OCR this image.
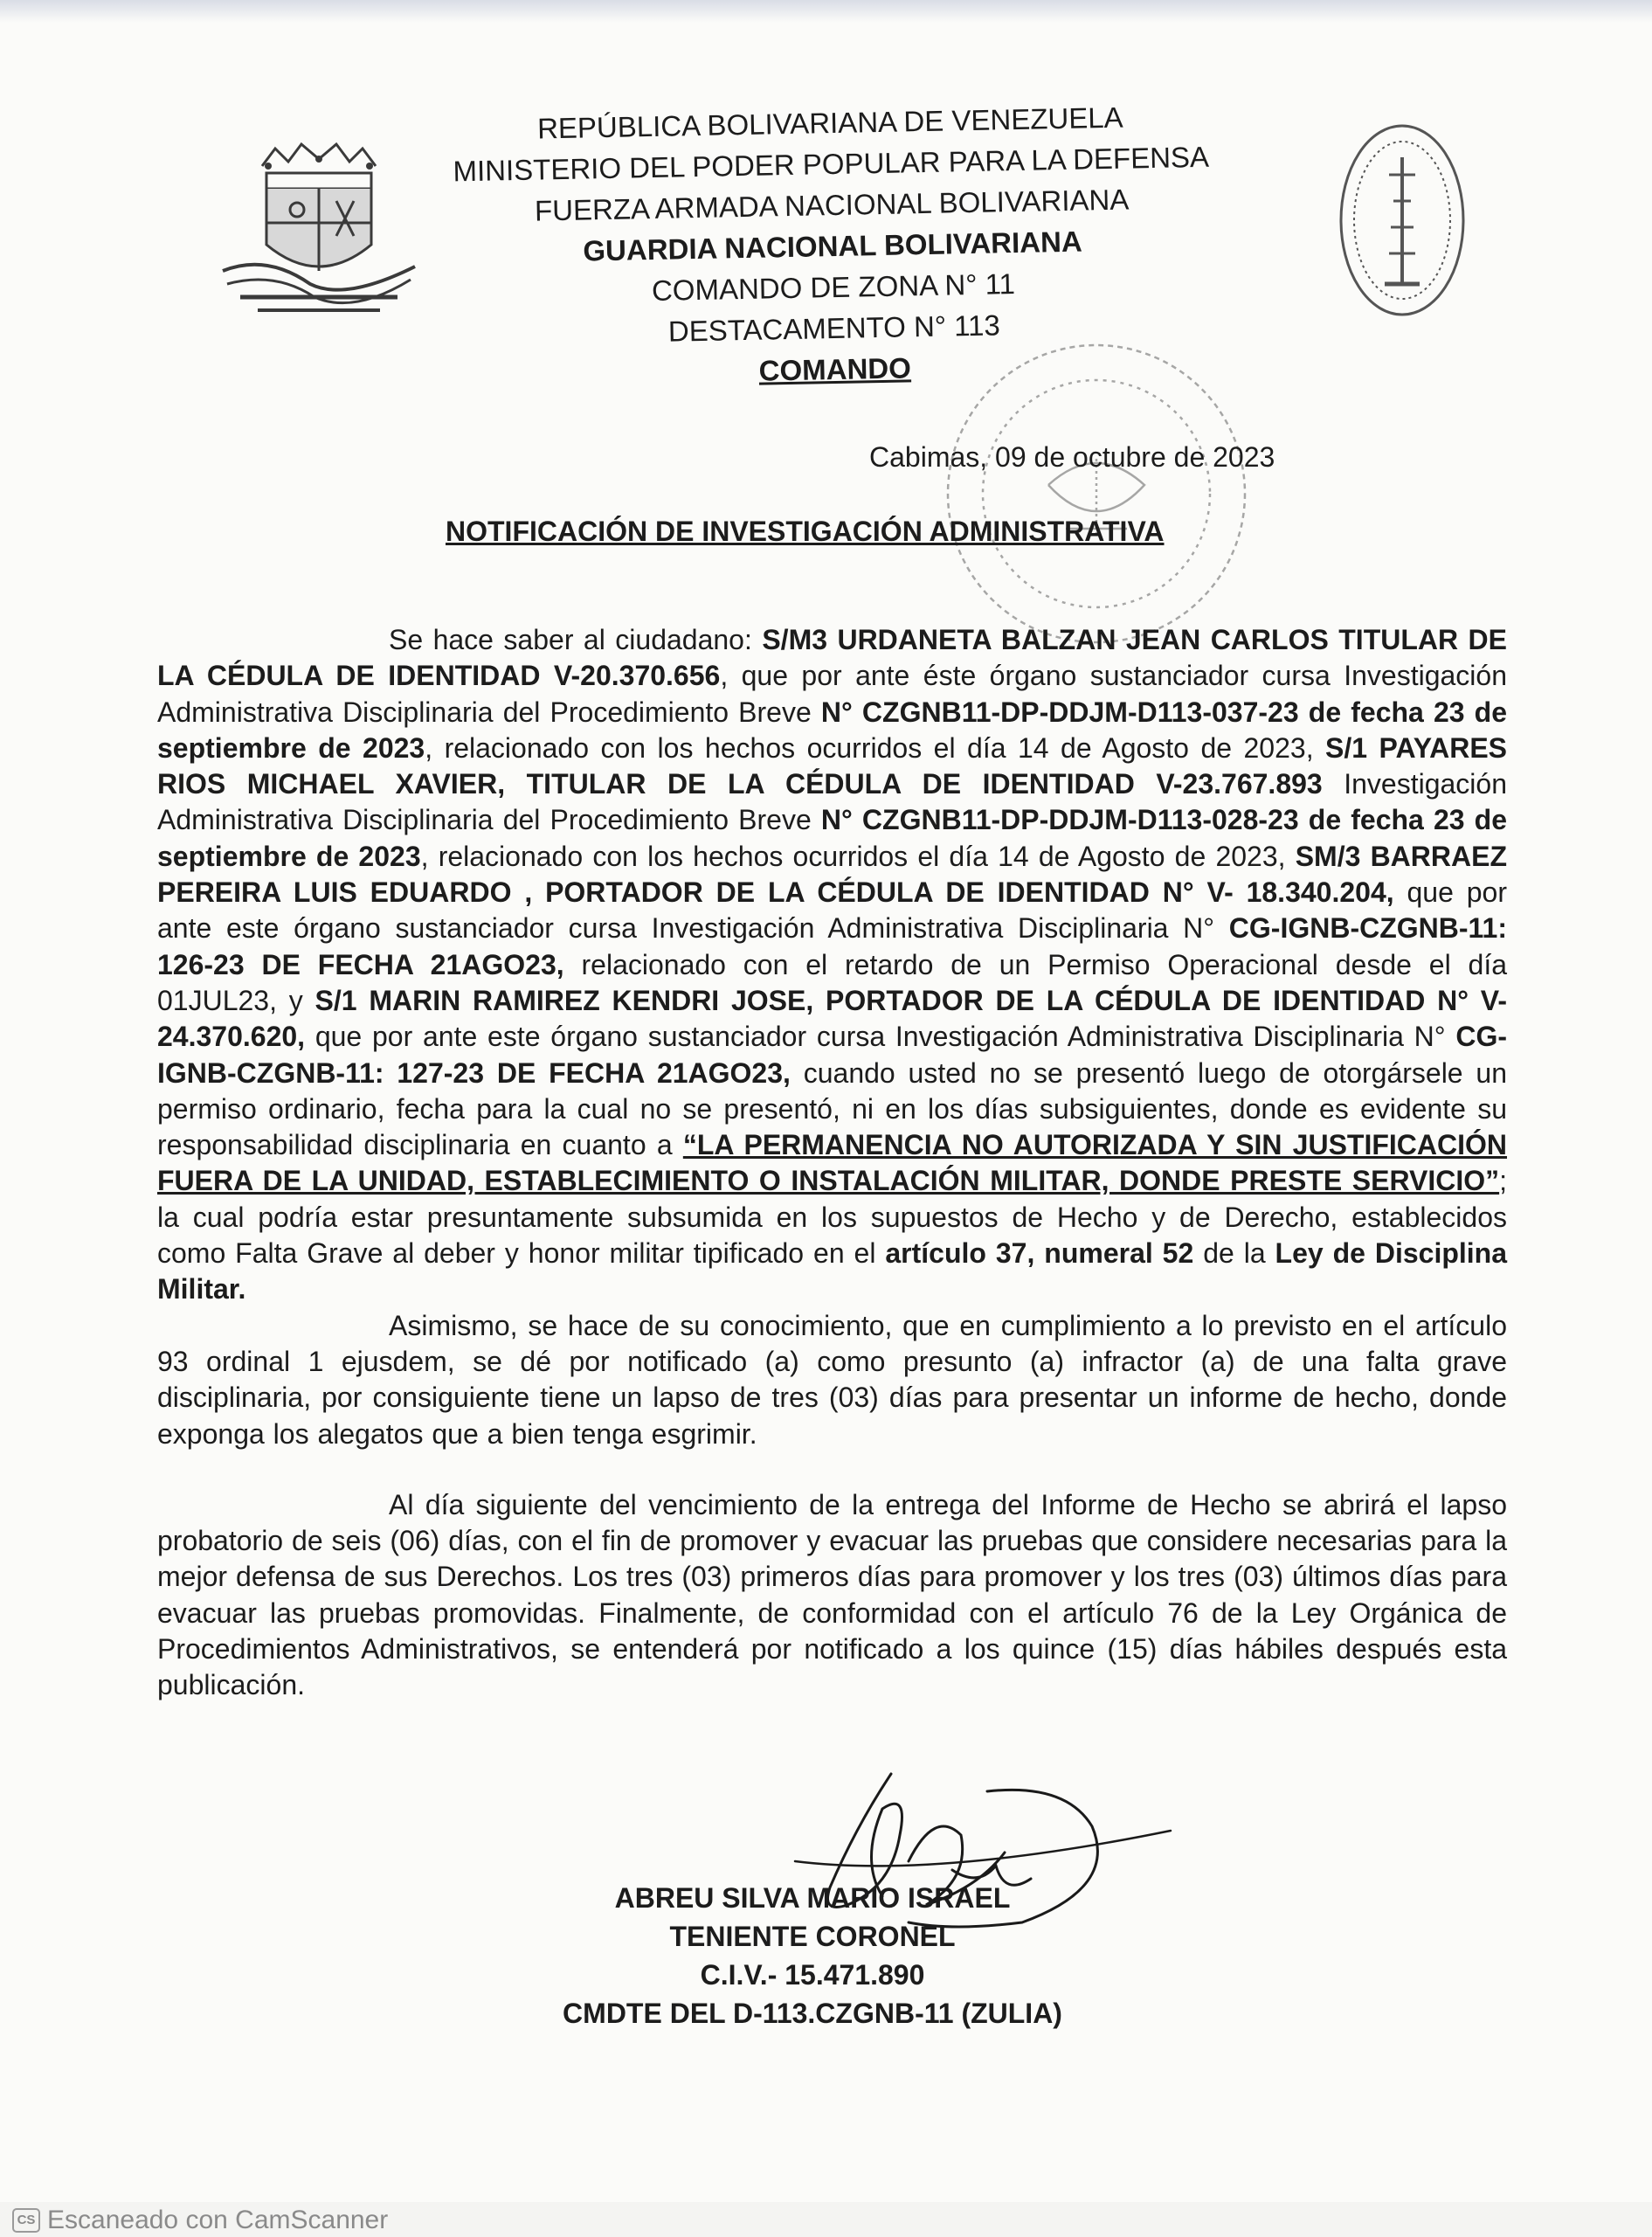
REPÚBLICA BOLIVARIANA DE VENEZUELA
MINISTERIO DEL PODER POPULAR PARA LA DEFENSA
FUERZA ARMADA NACIONAL BOLIVARIANA
GUARDIA NACIONAL BOLIVARIANA
COMANDO DE ZONA N° 11
DESTACAMENTO N° 113
COMANDO
Cabimas, 09 de octubre de 2023
NOTIFICACIÓN DE INVESTIGACIÓN ADMINISTRATIVA

Se hace saber al ciudadano: S/M3 URDANETA BALZAN JEAN CARLOS TITULAR DE LA CÉDULA DE IDENTIDAD V-20.370.656, que por ante éste órgano sustanciador cursa Investigación Administrativa Disciplinaria del Procedimiento Breve N° CZGNB11-DP-DDJM-D113-037-23 de fecha 23 de septiembre de 2023, relacionado con los hechos ocurridos el día 14 de Agosto de 2023, S/1 PAYARES RIOS MICHAEL XAVIER, TITULAR DE LA CÉDULA DE IDENTIDAD V-23.767.893 Investigación Administrativa Disciplinaria del Procedimiento Breve N° CZGNB11-DP-DDJM-D113-028-23 de fecha 23 de septiembre de 2023, relacionado con los hechos ocurridos el día 14 de Agosto de 2023, SM/3 BARRAEZ PEREIRA LUIS EDUARDO , PORTADOR DE LA CÉDULA DE IDENTIDAD N° V- 18.340.204, que por ante este órgano sustanciador cursa Investigación Administrativa Disciplinaria N° CG-IGNB-CZGNB-11: 126-23 DE FECHA 21AGO23, relacionado con el retardo de un Permiso Operacional desde el día 01JUL23, y S/1 MARIN RAMIREZ KENDRI JOSE, PORTADOR DE LA CÉDULA DE IDENTIDAD N° V- 24.370.620, que por ante este órgano sustanciador cursa Investigación Administrativa Disciplinaria N° CG-IGNB-CZGNB-11: 127-23 DE FECHA 21AGO23, cuando usted no se presentó luego de otorgársele un permiso ordinario, fecha para la cual no se presentó, ni en los días subsiguientes, donde es evidente su responsabilidad disciplinaria en cuanto a “LA PERMANENCIA NO AUTORIZADA Y SIN JUSTIFICACIÓN FUERA DE LA UNIDAD, ESTABLECIMIENTO O INSTALACIÓN MILITAR, DONDE PRESTE SERVICIO”; la cual podría estar presuntamente subsumida en los supuestos de Hecho y de Derecho, establecidos como Falta Grave al deber y honor militar tipificado en el artículo 37, numeral 52 de la Ley de Disciplina Militar.

Asimismo, se hace de su conocimiento, que en cumplimiento a lo previsto en el artículo 93 ordinal 1 ejusdem, se dé por notificado (a) como presunto (a) infractor (a) de una falta grave disciplinaria, por consiguiente tiene un lapso de tres (03) días para presentar un informe de hecho, donde exponga los alegatos que a bien tenga esgrimir.

Al día siguiente del vencimiento de la entrega del Informe de Hecho se abrirá el lapso probatorio de seis (06) días, con el fin de promover y evacuar las pruebas que considere necesarias para la mejor defensa de sus Derechos. Los tres (03) primeros días para promover y los tres (03) últimos días para evacuar las pruebas promovidas. Finalmente, de conformidad con el artículo 76 de la Ley Orgánica de Procedimientos Administrativos, se entenderá por notificado a los quince (15) días hábiles después esta publicación.

ABREU SILVA MARIO ISRAEL
TENIENTE CORONEL
C.I.V.- 15.471.890
CMDTE DEL D-113.CZGNB-11 (ZULIA)
CS Escaneado con CamScanner
